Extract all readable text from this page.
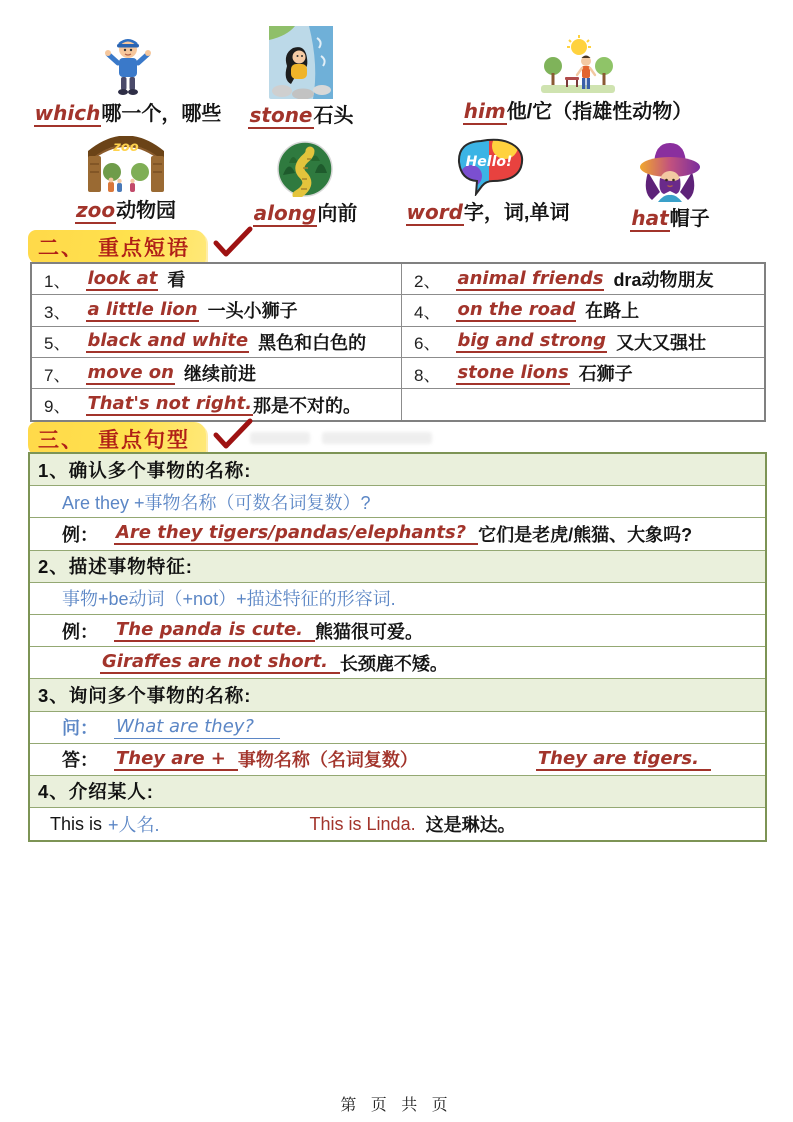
which哪一个，哪些 stone石头	him他/它（指雄性动物）
zoo
zoo动物园	along向前
Hello!
word字，词,单词	hat帽子
二、 重点短语
1、 look at 看	2、 animal friends dra动物朋友
3、 a little lion 一头小狮子	4、 on the road 在路上
5、 black and white 黑色和白色的	6、 big and strong 又大又强壮
7、 move on 继续前进	8、 stone lions 石狮子
9、 That's not right. 那是不对的。
三、 重点句型
1、确认多个事物的名称:
Are they +事物名称（可数名词复数）?
例： Are they tigers/pandas/elephants? 它们是老虎/熊猫、大象吗?
2、描述事物特征:
事物+be动词（+not）+描述特征的形容词.
例： The panda is cute. 熊猫很可爱。
Giraffes are not short. 长颈鹿不矮。
3、询问多个事物的名称:
问： What are they?
答： They are + 事物名称（名词复数）	They are tigers.
4、介绍某人:
This is +人名.	This is Linda. 这是琳达。
第 页 共 页
